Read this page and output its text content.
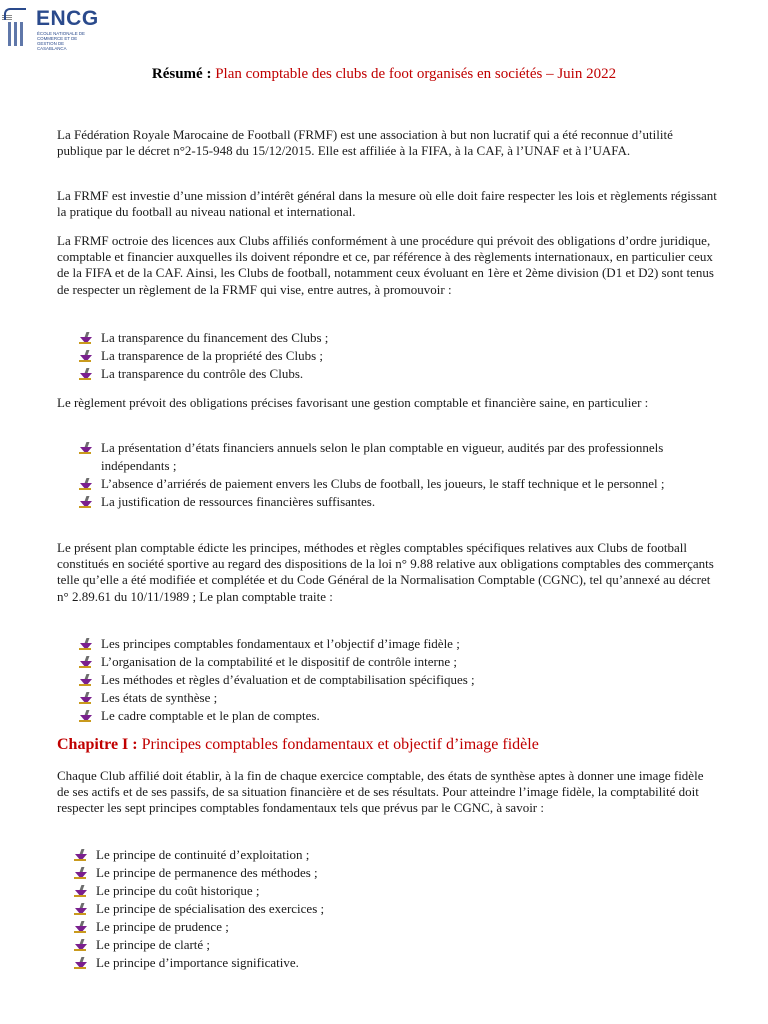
ENCG
ÉCOLE NATIONALE DE COMMERCE ET DE GESTION DE CASABLANCA
Résumé : Plan comptable des clubs de foot organisés en sociétés – Juin 2022

La Fédération Royale Marocaine de Football (FRMF) est une association à but non lucratif qui a été reconnue d’utilité publique par le décret n°2-15-948 du 15/12/2015. Elle est affiliée à la FIFA, à la CAF, à l’UNAF et à l’UAFA.

La FRMF est investie d’une mission d’intérêt général dans la mesure où elle doit faire respecter les lois et règlements régissant la pratique du football au niveau national et international.

La FRMF octroie des licences aux Clubs affiliés conformément à une procédure qui prévoit des obligations d’ordre juridique, comptable et financier auxquelles ils doivent répondre et ce, par référence à des règlements internationaux, en particulier ceux de la FIFA et de la CAF. Ainsi, les Clubs de football, notamment ceux évoluant en 1ère et 2ème division (D1 et D2) sont tenus de respecter un règlement de la FRMF qui vise, entre autres, à promouvoir :

La transparence du financement des Clubs ;
La transparence de la propriété des Clubs ;
La transparence du contrôle des Clubs.

Le règlement prévoit des obligations précises favorisant une gestion comptable et financière saine, en particulier :

La présentation d’états financiers annuels selon le plan comptable en vigueur, audités par des professionnels indépendants ;
L’absence d’arriérés de paiement envers les Clubs de football, les joueurs, le staff technique et le personnel ;
La justification de ressources financières suffisantes.

Le présent plan comptable édicte les principes, méthodes et règles comptables spécifiques relatives aux Clubs de football constitués en société sportive au regard des dispositions de la loi n° 9.88 relative aux obligations comptables des commerçants telle qu’elle a été modifiée et complétée et du Code Général de la Normalisation Comptable (CGNC), tel qu’annexé au décret n° 2.89.61 du 10/11/1989 ; Le plan comptable traite :

Les principes comptables fondamentaux et l’objectif d’image fidèle ;
L’organisation de la comptabilité et le dispositif de contrôle interne ;
Les méthodes et règles d’évaluation et de comptabilisation spécifiques ;
Les états de synthèse ;
Le cadre comptable et le plan de comptes.
Chapitre I : Principes comptables fondamentaux et objectif d’image fidèle

Chaque Club affilié doit établir, à la fin de chaque exercice comptable, des états de synthèse aptes à donner une image fidèle de ses actifs et de ses passifs, de sa situation financière et de ses résultats. Pour atteindre l’image fidèle, la comptabilité doit respecter les sept principes comptables fondamentaux tels que prévus par le CGNC, à savoir :

Le principe de continuité d’exploitation ;
Le principe de permanence des méthodes ;
Le principe du coût historique ;
Le principe de spécialisation des exercices ;
Le principe de prudence ;
Le principe de clarté ;
Le principe d’importance significative.
